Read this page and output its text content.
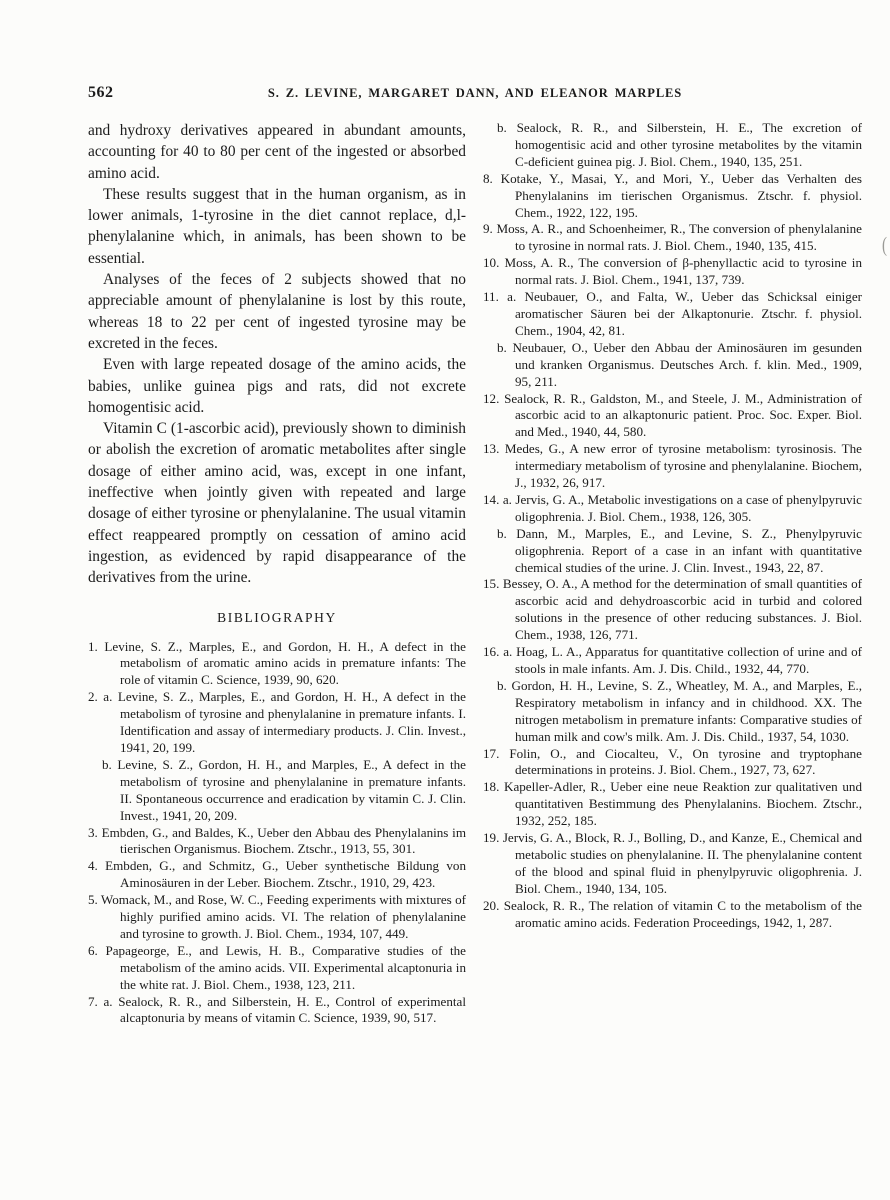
562	S. Z. LEVINE, MARGARET DANN, AND ELEANOR MARPLES

and hydroxy derivatives appeared in abundant amounts, accounting for 40 to 80 per cent of the ingested or absorbed amino acid.

These results suggest that in the human organism, as in lower animals, 1-tyrosine in the diet cannot replace, d,l-phenylalanine which, in animals, has been shown to be essential.

Analyses of the feces of 2 subjects showed that no appreciable amount of phenylalanine is lost by this route, whereas 18 to 22 per cent of ingested tyrosine may be excreted in the feces.

Even with large repeated dosage of the amino acids, the babies, unlike guinea pigs and rats, did not excrete homogentisic acid.

Vitamin C (1-ascorbic acid), previously shown to diminish or abolish the excretion of aromatic metabolites after single dosage of either amino acid, was, except in one infant, ineffective when jointly given with repeated and large dosage of either tyrosine or phenylalanine. The usual vitamin effect reappeared promptly on cessation of amino acid ingestion, as evidenced by rapid disappearance of the derivatives from the urine.

BIBLIOGRAPHY

1. Levine, S. Z., Marples, E., and Gordon, H. H., A defect in the metabolism of aromatic amino acids in premature infants: The role of vitamin C. Science, 1939, 90, 620.

2. a. Levine, S. Z., Marples, E., and Gordon, H. H., A defect in the metabolism of tyrosine and phenylalanine in premature infants. I. Identification and assay of intermediary products. J. Clin. Invest., 1941, 20, 199.

b. Levine, S. Z., Gordon, H. H., and Marples, E., A defect in the metabolism of tyrosine and phenylalanine in premature infants. II. Spontaneous occurrence and eradication by vitamin C. J. Clin. Invest., 1941, 20, 209.

3. Embden, G., and Baldes, K., Ueber den Abbau des Phenylalanins im tierischen Organismus. Biochem. Ztschr., 1913, 55, 301.

4. Embden, G., and Schmitz, G., Ueber synthetische Bildung von Aminosäuren in der Leber. Biochem. Ztschr., 1910, 29, 423.

5. Womack, M., and Rose, W. C., Feeding experiments with mixtures of highly purified amino acids. VI. The relation of phenylalanine and tyrosine to growth. J. Biol. Chem., 1934, 107, 449.

6. Papageorge, E., and Lewis, H. B., Comparative studies of the metabolism of the amino acids. VII. Experimental alcaptonuria in the white rat. J. Biol. Chem., 1938, 123, 211.

7. a. Sealock, R. R., and Silberstein, H. E., Control of experimental alcaptonuria by means of vitamin C. Science, 1939, 90, 517.

b. Sealock, R. R., and Silberstein, H. E., The excretion of homogentisic acid and other tyrosine metabolites by the vitamin C-deficient guinea pig. J. Biol. Chem., 1940, 135, 251.

8. Kotake, Y., Masai, Y., and Mori, Y., Ueber das Verhalten des Phenylalanins im tierischen Organismus. Ztschr. f. physiol. Chem., 1922, 122, 195.

9. Moss, A. R., and Schoenheimer, R., The conversion of phenylalanine to tyrosine in normal rats. J. Biol. Chem., 1940, 135, 415.

10. Moss, A. R., The conversion of β-phenyllactic acid to tyrosine in normal rats. J. Biol. Chem., 1941, 137, 739.

11. a. Neubauer, O., and Falta, W., Ueber das Schicksal einiger aromatischer Säuren bei der Alkaptonurie. Ztschr. f. physiol. Chem., 1904, 42, 81.

b. Neubauer, O., Ueber den Abbau der Aminosäuren im gesunden und kranken Organismus. Deutsches Arch. f. klin. Med., 1909, 95, 211.

12. Sealock, R. R., Galdston, M., and Steele, J. M., Administration of ascorbic acid to an alkaptonuric patient. Proc. Soc. Exper. Biol. and Med., 1940, 44, 580.

13. Medes, G., A new error of tyrosine metabolism: tyrosinosis. The intermediary metabolism of tyrosine and phenylalanine. Biochem, J., 1932, 26, 917.

14. a. Jervis, G. A., Metabolic investigations on a case of phenylpyruvic oligophrenia. J. Biol. Chem., 1938, 126, 305.

b. Dann, M., Marples, E., and Levine, S. Z., Phenylpyruvic oligophrenia. Report of a case in an infant with quantitative chemical studies of the urine. J. Clin. Invest., 1943, 22, 87.

15. Bessey, O. A., A method for the determination of small quantities of ascorbic acid and dehydroascorbic acid in turbid and colored solutions in the presence of other reducing substances. J. Biol. Chem., 1938, 126, 771.

16. a. Hoag, L. A., Apparatus for quantitative collection of urine and of stools in male infants. Am. J. Dis. Child., 1932, 44, 770.

b. Gordon, H. H., Levine, S. Z., Wheatley, M. A., and Marples, E., Respiratory metabolism in infancy and in childhood. XX. The nitrogen metabolism in premature infants: Comparative studies of human milk and cow's milk. Am. J. Dis. Child., 1937, 54, 1030.

17. Folin, O., and Ciocalteu, V., On tyrosine and tryptophane determinations in proteins. J. Biol. Chem., 1927, 73, 627.

18. Kapeller-Adler, R., Ueber eine neue Reaktion zur qualitativen und quantitativen Bestimmung des Phenylalanins. Biochem. Ztschr., 1932, 252, 185.

19. Jervis, G. A., Block, R. J., Bolling, D., and Kanze, E., Chemical and metabolic studies on phenylalanine. II. The phenylalanine content of the blood and spinal fluid in phenylpyruvic oligophrenia. J. Biol. Chem., 1940, 134, 105.

20. Sealock, R. R., The relation of vitamin C to the metabolism of the aromatic amino acids. Federation Proceedings, 1942, 1, 287.

(
